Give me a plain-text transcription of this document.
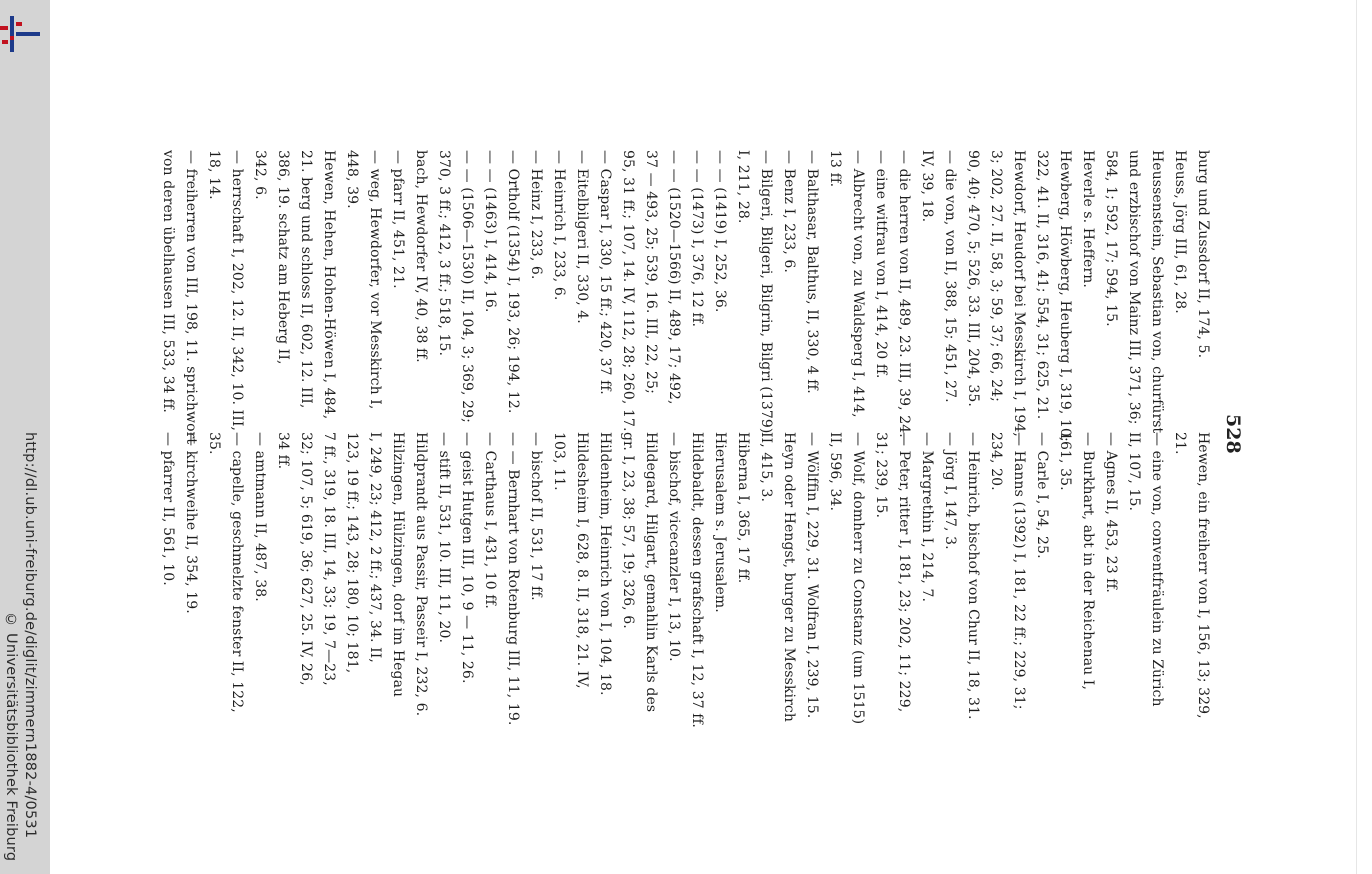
http://dl.ub.uni-freiburg.de/diglit/zimmern1882-4/0531
© Universitätsbibliothek Freiburg
528
burg und Zussdorf II, 174, 5.
Heuss, Jörg III, 61, 28.
Heussenstein, Sebastian von, churfürst
und erzbischof von Mainz III, 371, 36;
584, 1; 592, 17; 594, 15.
Heverle s. Heffern.
Hewberg, Höwberg, Heuberg I, 319, 10;
322, 41. II, 316, 41; 554, 31; 625, 21.
Hewdorf, Heudorf bei Messkirch I, 194,
3; 202, 27. II, 58, 3; 59, 37; 66, 24;
90, 40; 470, 5; 526, 33. III, 204, 35.
— die von, von II, 388, 15; 451, 27.
IV, 39, 18.
— die herren von II, 489, 23. III, 39, 24.
— eine witfrau von I, 414, 20 ff.
— Albrecht von, zu Waldsperg I, 414,
13 ff.
— Balthasar, Balthus, II, 330, 4 ff.
— Benz I, 233, 6.
— Bilgeri, Bilgeri, Bilgrin, Bilgri (1379)
I, 211, 28.
— — (1419) I, 252, 36.
— — (1473) I, 376, 12 ff.
— — (1520—1566) II, 489, 17; 492,
37 — 493, 25; 539, 16. III, 22, 25;
95, 31 ff.; 107, 14. IV, 112, 28; 260, 17.
— Caspar I, 330, 15 ff.; 420, 37 ff.
— Eitelbilgeri II, 330, 4.
— Heinrich I, 233, 6.
— Heinz I, 233, 6.
— Ortholf (1354) I, 193, 26; 194, 12.
— — (1463) I, 414, 16.
— — (1506—1530) II, 104, 3; 369, 29;
370, 3 ff.; 412, 3 ff.; 518, 15.
bach, Hewdorfer IV, 40, 38 ff.
— pfarr II, 451, 21.
— weg, Hewdorfer, vor Messkirch I,
448, 39.
Hewen, Hehen, Hohen-Höwen I, 484,
21. berg und schloss II, 602, 12. III,
386, 19. schatz am Heberg II,
342, 6.
— herrschaft I, 202, 12. II, 342, 10. III,
18, 14.
— freiherren von III, 198, 11. sprichwort
von deren übelhausen III, 533, 34 ff.
Hewen, ein freiherr von I, 156, 13; 329,
21.
— eine von, conventfräulein zu Zürich
II, 107, 15.
— Agnes II, 453, 23 ff.
— Burkhart, abt in der Reichenau I,
161, 35.
— Carle I, 54, 25.
— Hanns (1392) I, 181, 22 ff.; 229, 31;
234, 20.
— Heinrich, bischof von Chur II, 18, 31.
— Jörg I, 147, 3.
— Margrethin I, 214, 7.
— Peter, ritter I, 181, 23; 202, 11; 229,
31; 239, 15.
— Wolf, domherr zu Constanz (um 1515)
II, 596, 34.
— Wölffin I, 229, 31. Wolfran I, 239, 15.
Heyn oder Hengst, burger zu Messkirch
II, 415, 3.
Hiberna I, 365, 17 ff.
Hierusalem s. Jerusalem.
Hildebaldt, dessen grafschaft I, 12, 37 ff.
— bischof, vicecanzler I, 13, 10.
Hildegard, Hilgart, gemahlin Karls des
gr. I, 23, 38; 57, 19; 326, 6.
Hildenheim, Heinrich von I, 104, 18.
Hildesheim I, 628, 8. II, 318, 21. IV,
103, 11.
— bischof II, 531, 17 ff.
— — Bernhart von Rotenburg III, 11, 19.
— Carthaus I, 431, 10 ff.
— geist Hutgen III, 10, 9 — 11, 26.
— stift II, 531, 10. III, 11, 20.
Hildprandt aus Passir, Passeir I, 232, 6.
Hilzingen, Hülzingen, dorf im Hegau
I, 249, 23; 412, 2 ff.; 437, 34. II,
123, 19 ff.; 143, 28; 180, 10; 181,
7 ff., 319, 18. III, 14, 33; 19, 7—23,
32; 107, 5; 619, 36; 627, 25. IV, 26,
34 ff.
— amtmann II, 487, 38.
— capelle, geschmelzte fenster II, 122,
35.
— kirchweihe II, 354, 19.
— pfarrer II, 561, 10.
